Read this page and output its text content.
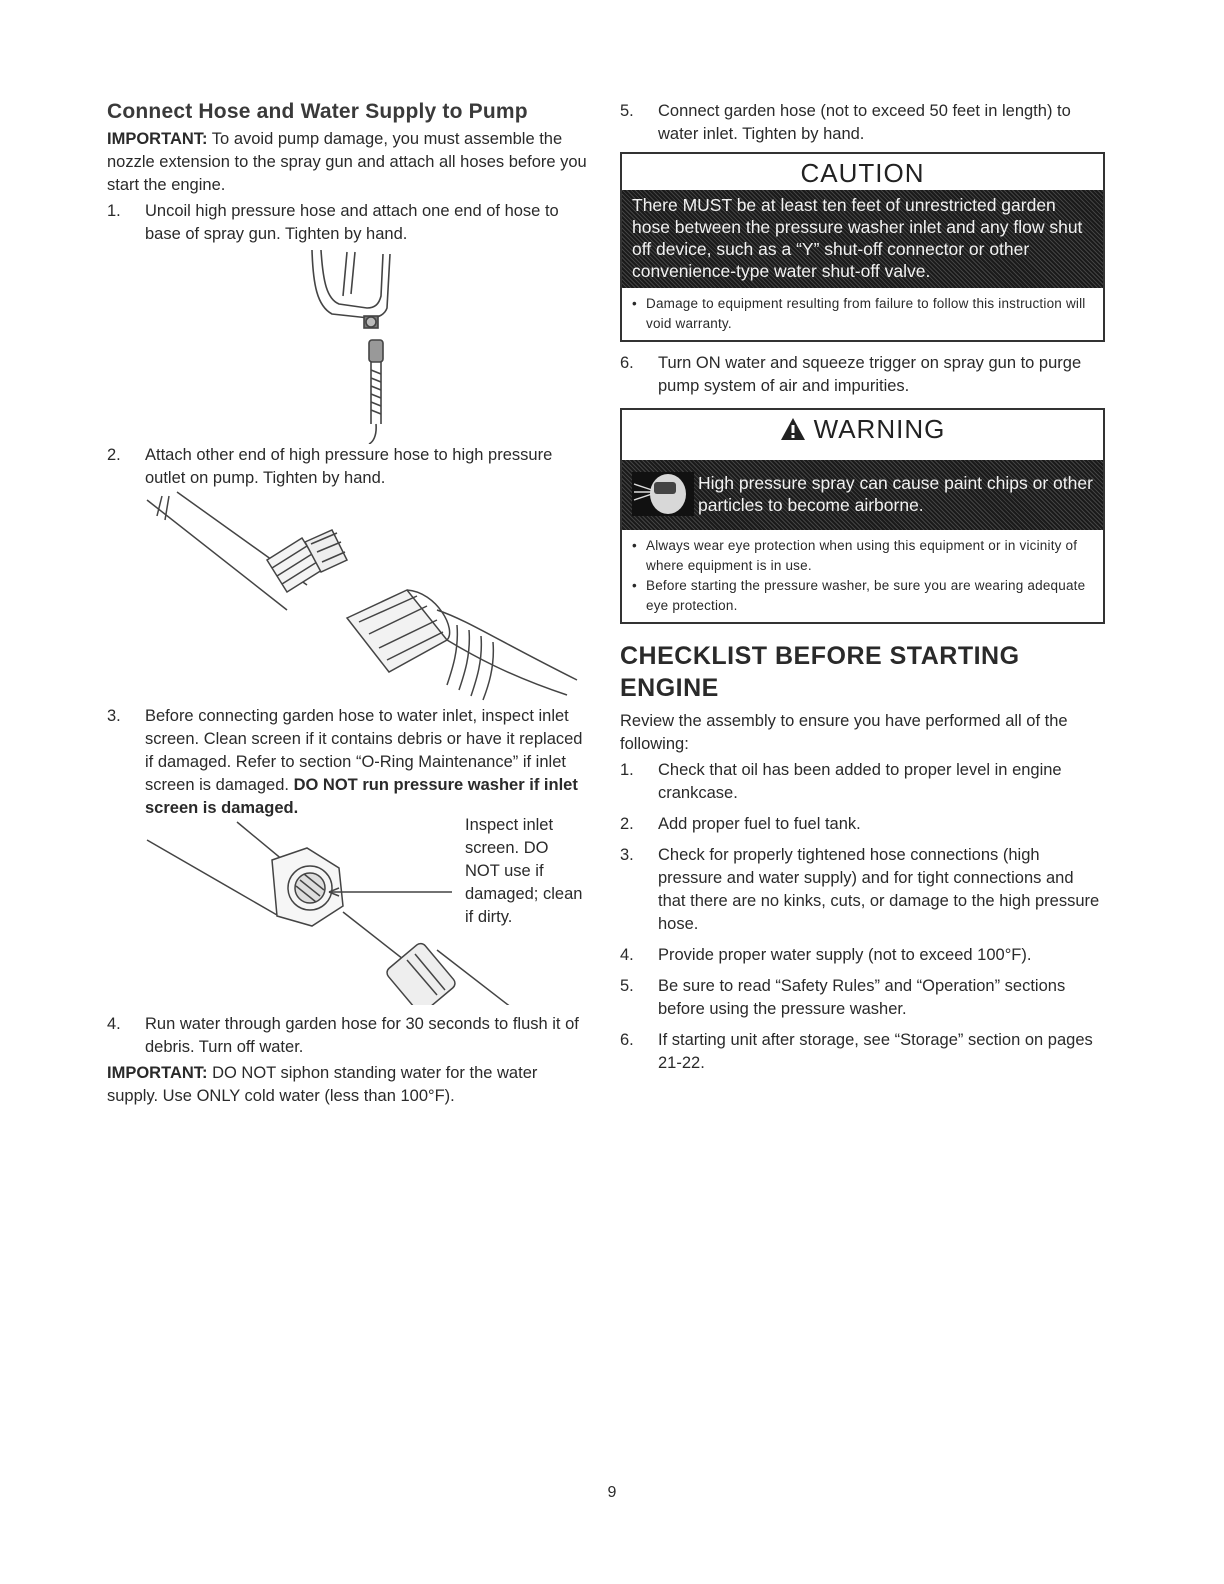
Connect Hose and Water Supply to Pump

IMPORTANT: To avoid pump damage, you must assemble the nozzle extension to the spray gun and attach all hoses before you start the engine.

1. Uncoil high pressure hose and attach one end of hose to base of spray gun. Tighten by hand.
2. Attach other end of high pressure hose to high pressure outlet on pump. Tighten by hand.
3. Before connecting garden hose to water inlet, inspect inlet screen. Clean screen if it contains debris or have it replaced if damaged. Refer to section “O-Ring Maintenance” if inlet screen is damaged. DO NOT run pressure washer if inlet screen is damaged.

Inspect inlet screen. DO NOT use if damaged; clean if dirty.

4. Run water through garden hose for 30 seconds to flush it of debris. Turn off water.

IMPORTANT: DO NOT siphon standing water for the water supply. Use ONLY cold water (less than 100°F).

5. Connect garden hose (not to exceed 50 feet in length) to water inlet. Tighten by hand.
CAUTION
There MUST be at least ten feet of unrestricted garden hose between the pressure washer inlet and any flow shut off device, such as a “Y” shut-off connector or other convenience-type water shut-off valve.
• Damage to equipment resulting from failure to follow this instruction will void warranty.
6. Turn ON water and squeeze trigger on spray gun to purge pump system of air and impurities.
WARNING
High pressure spray can cause paint chips or other particles to become airborne.
• Always wear eye protection when using this equipment or in vicinity of where equipment is in use.
• Before starting the pressure washer, be sure you are wearing adequate eye protection.
CHECKLIST BEFORE STARTING ENGINE

Review the assembly to ensure you have performed all of the following:

1. Check that oil has been added to proper level in engine crankcase.
2. Add proper fuel to fuel tank.
3. Check for properly tightened hose connections (high pressure and water supply) and for tight connections and that there are no kinks, cuts, or damage to the high pressure hose.
4. Provide proper water supply (not to exceed 100°F).
5. Be sure to read “Safety Rules” and “Operation” sections before using the pressure washer.
6. If starting unit after storage, see “Storage” section on pages 21-22.
9
